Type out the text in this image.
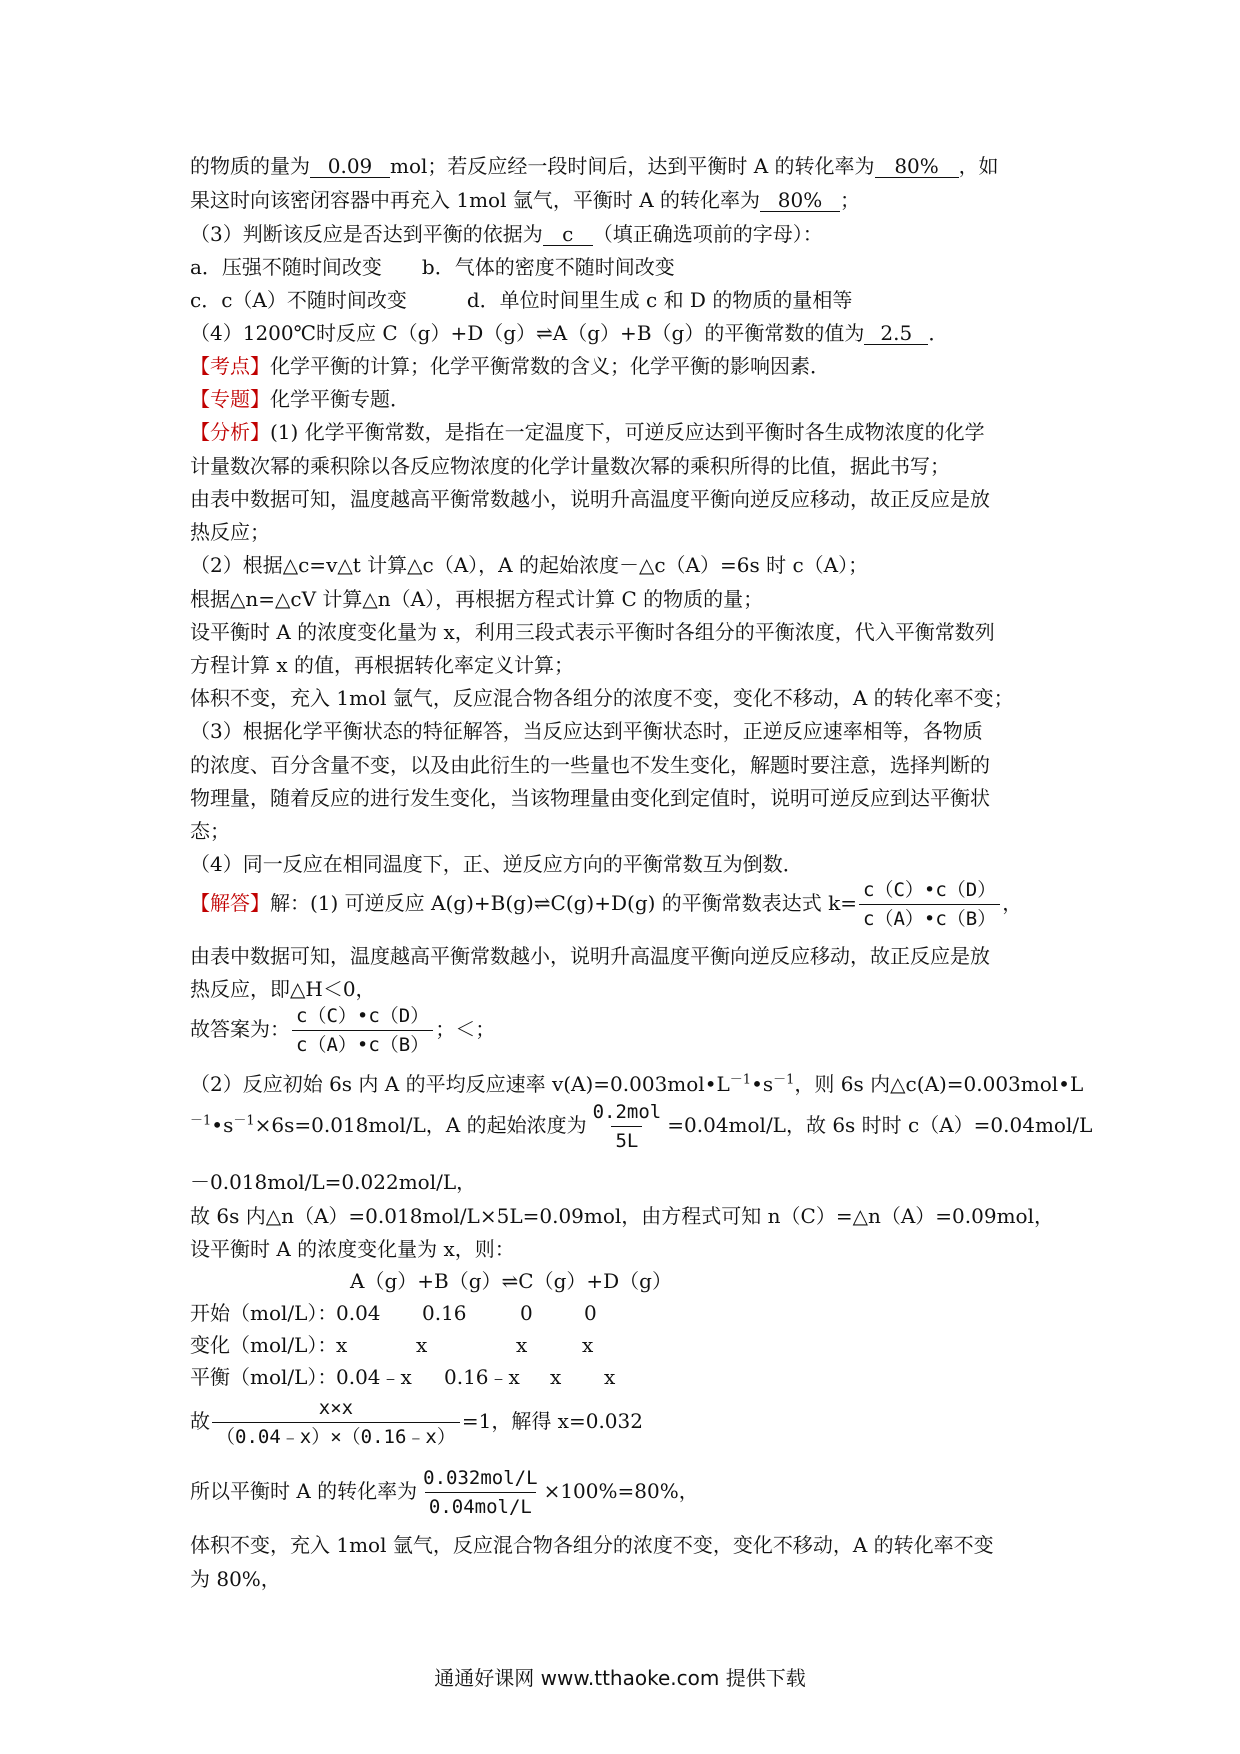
的物质的量为 0.09 mol；若反应经一段时间后，达到平衡时 A 的转化率为 80% ，如
果这时向该密闭容器中再充入 1mol 氩气，平衡时 A 的转化率为 80% ；
（3）判断该反应是否达到平衡的依据为 c （填正确选项前的字母）：
a．压强不随时间改变　　b．气体的密度不随时间改变
c．c（A）不随时间改变　　　d．单位时间里生成 c 和 D 的物质的量相等
（4）1200℃时反应 C（g）+D（g）⇌A（g）+B（g）的平衡常数的值为 2.5 ．
【考点】化学平衡的计算；化学平衡常数的含义；化学平衡的影响因素．
【专题】化学平衡专题．
【分析】(1) 化学平衡常数，是指在一定温度下，可逆反应达到平衡时各生成物浓度的化学
计量数次幂的乘积除以各反应物浓度的化学计量数次幂的乘积所得的比值，据此书写；
由表中数据可知，温度越高平衡常数越小，说明升高温度平衡向逆反应移动，故正反应是放
热反应；
（2）根据△c=v△t 计算△c（A），A 的起始浓度－△c（A）=6s 时 c（A）；
根据△n=△cV 计算△n（A），再根据方程式计算 C 的物质的量；
设平衡时 A 的浓度变化量为 x，利用三段式表示平衡时各组分的平衡浓度，代入平衡常数列
方程计算 x 的值，再根据转化率定义计算；
体积不变，充入 1mol 氩气，反应混合物各组分的浓度不变，变化不移动，A 的转化率不变；
（3）根据化学平衡状态的特征解答，当反应达到平衡状态时，正逆反应速率相等，各物质
的浓度、百分含量不变，以及由此衍生的一些量也不发生变化，解题时要注意，选择判断的
物理量，随着反应的进行发生变化，当该物理量由变化到定值时，说明可逆反应到达平衡状
态；
（4）同一反应在相同温度下，正、逆反应方向的平衡常数互为倒数．
【解答】解：(1) 可逆反应 A(g)+B(g)⇌C(g)+D(g) 的平衡常数表达式 $k= \frac{c(C)•c(D)}{c(A)•c(B)}$ ，
由表中数据可知，温度越高平衡常数越小，说明升高温度平衡向逆反应移动，故正反应是放
热反应，即△H＜0，
故答案为： $\frac{c(C)•c(D)}{c(A)•c(B)}$ ；＜；
（2）反应初始 6s 内 A 的平均反应速率 $v(A)=0.003mol•L^{-1}•s^{-1}$，则 6s 内△c(A)=0.003mol•L
$^{-1}•s^{-1}\times 6s=0.018mol/L$，A 的起始浓度为 $\frac{\text{0.2mol}}{5L} =0.04mol/L$，故 6s 时时 c（A）=0.04mol/L
－0.018mol/L=0.022mol/L，
故 6s 内△n（A）=0.018mol/L×5L=0.09mol，由方程式可知 n（C）=△n（A）=0.09mol，
设平衡时 A 的浓度变化量为 x，则：
A（g）+B（g）⇌C（g）+D（g）
开始（mol/L）：
0.04 0.16	0	0
变化（mol/L）：
x	x	x	x
平衡（mol/L）：
0.04﹣x 0.16﹣x x x
故 $\frac{x\times x}{(0.04﹣x)\times(0.16﹣x)} =1$，解得 x=0.032
所以平衡时 A 的转化率为 $\frac{\text{0.032mol/L}}{\text{0.04mol/L}} \times 100\%=80\%$，
体积不变，充入 1mol 氩气，反应混合物各组分的浓度不变，变化不移动，A 的转化率不变
为 80%，
通通好课网 www.tthaoke.com 提供下载
